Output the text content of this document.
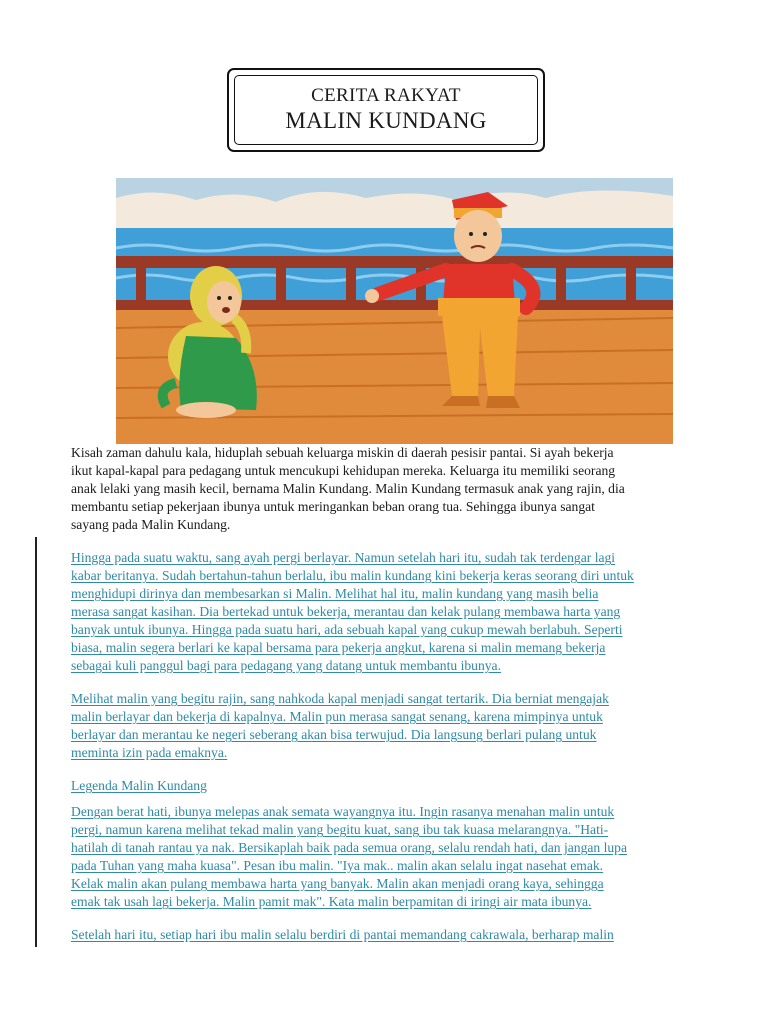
CERITA RAKYAT
MALIN KUNDANG
Kisah zaman dahulu kala, hiduplah sebuah keluarga miskin di daerah pesisir pantai. Si ayah bekerja
ikut kapal-kapal para pedagang untuk mencukupi kehidupan mereka. Keluarga itu memiliki seorang
anak lelaki yang masih kecil, bernama Malin Kundang. Malin Kundang termasuk anak yang rajin, dia
membantu setiap pekerjaan ibunya untuk meringankan beban orang tua. Sehingga ibunya sangat
sayang pada Malin Kundang.
Hingga pada suatu waktu, sang ayah pergi berlayar. Namun setelah hari itu, sudah tak terdengar lagi
kabar beritanya. Sudah bertahun-tahun berlalu, ibu malin kundang kini bekerja keras seorang diri untuk
menghidupi dirinya dan membesarkan si Malin. Melihat hal itu, malin kundang yang masih belia
merasa sangat kasihan. Dia bertekad untuk bekerja, merantau dan kelak pulang membawa harta yang
banyak untuk ibunya. Hingga pada suatu hari, ada sebuah kapal yang cukup mewah berlabuh. Seperti
biasa, malin segera berlari ke kapal bersama para pekerja angkut, karena si malin memang bekerja
sebagai kuli panggul bagi para pedagang yang datang untuk membantu ibunya.
Melihat malin yang begitu rajin, sang nahkoda kapal menjadi sangat tertarik. Dia berniat mengajak
malin berlayar dan bekerja di kapalnya. Malin pun merasa sangat senang, karena mimpinya untuk
berlayar dan merantau ke negeri seberang akan bisa terwujud. Dia langsung berlari pulang untuk
meminta izin pada emaknya.
Legenda Malin Kundang
Dengan berat hati, ibunya melepas anak semata wayangnya itu. Ingin rasanya menahan malin untuk
pergi, namun karena melihat tekad malin yang begitu kuat, sang ibu tak kuasa melarangnya. "Hati-
hatilah di tanah rantau ya nak. Bersikaplah baik pada semua orang, selalu rendah hati, dan jangan lupa
pada Tuhan yang maha kuasa". Pesan ibu malin. "Iya mak.. malin akan selalu ingat nasehat emak.
Kelak malin akan pulang membawa harta yang banyak. Malin akan menjadi orang kaya, sehingga
emak tak usah lagi bekerja. Malin pamit mak". Kata malin berpamitan di iringi air mata ibunya.
Setelah hari itu, setiap hari ibu malin selalu berdiri di pantai memandang cakrawala, berharap malin
